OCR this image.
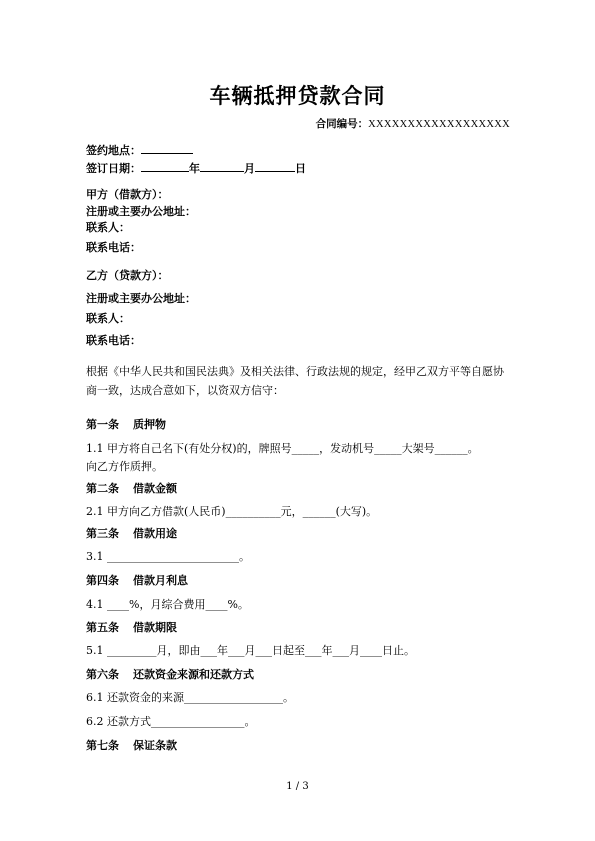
车辆抵押贷款合同
合同编号：XXXXXXXXXXXXXXXXXX
签约地点：
签订日期：	年	月	日
甲方（借款方）：
注册或主要办公地址：
联系人：
联系电话：
乙方（贷款方）：
注册或主要办公地址：
联系人：
联系电话：
根据《中华人民共和国民法典》及相关法律、行政法规的规定，经甲乙双方平等自愿协商一致，达成合意如下，以资双方信守：
第一条 质押物
1.1 甲方将自己名下(有处分权)的，牌照号_____，发动机号_____大架号______。
向乙方作质押。
第二条 借款金额
2.1 甲方向乙方借款(人民币)__________元，______(大写)。
第三条 借款用途
3.1 ________________________。
第四条 借款月利息
4.1 ____%，月综合费用____%。
第五条 借款期限
5.1 _________月，即由___年___月___日起至___年___月____日止。
第六条 还款资金来源和还款方式
6.1 还款资金的来源__________________。
6.2 还款方式_________________。
第七条 保证条款
1 / 3
